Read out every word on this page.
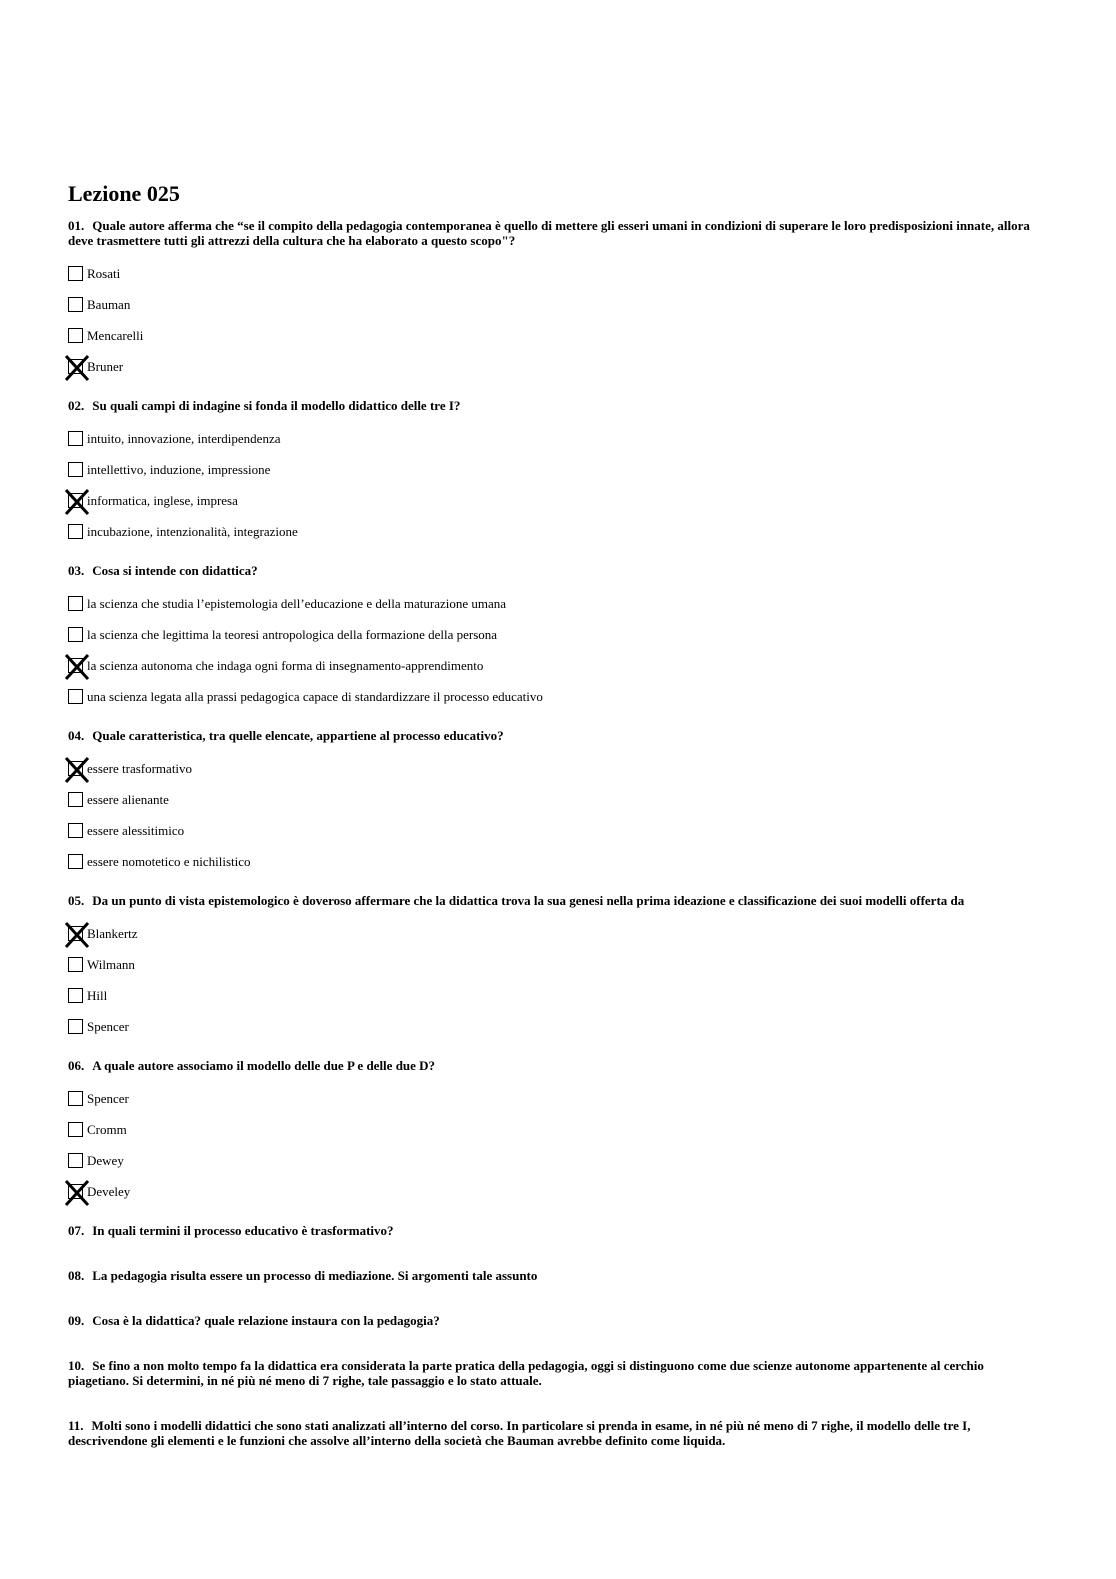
Lezione 025

01. Quale autore afferma che “se il compito della pedagogia contemporanea è quello di mettere gli esseri umani in condizioni di superare le loro predisposizioni innate, allora deve trasmettere tutti gli attrezzi della cultura che ha elaborato a questo scopo"?

Rosati
Bauman
Mencarelli
Bruner

02. Su quali campi di indagine si fonda il modello didattico delle tre I?

intuito, innovazione, interdipendenza
intellettivo, induzione, impressione
informatica, inglese, impresa
incubazione, intenzionalità, integrazione

03. Cosa si intende con didattica?

la scienza che studia l’epistemologia dell’educazione e della maturazione umana
la scienza che legittima la teoresi antropologica della formazione della persona
la scienza autonoma che indaga ogni forma di insegnamento-apprendimento
una scienza legata alla prassi pedagogica capace di standardizzare il processo educativo

04. Quale caratteristica, tra quelle elencate, appartiene al processo educativo?

essere trasformativo
essere alienante
essere alessitimico
essere nomotetico e nichilistico

05. Da un punto di vista epistemologico è doveroso affermare che la didattica trova la sua genesi nella prima ideazione e classificazione dei suoi modelli offerta da

Blankertz
Wilmann
Hill
Spencer

06. A quale autore associamo il modello delle due P e delle due D?

Spencer
Cromm
Dewey
Develey

07. In quali termini il processo educativo è trasformativo?

08. La pedagogia risulta essere un processo di mediazione. Si argomenti tale assunto

09. Cosa è la didattica? quale relazione instaura con la pedagogia?

10. Se fino a non molto tempo fa la didattica era considerata la parte pratica della pedagogia, oggi si distinguono come due scienze autonome appartenente al cerchio piagetiano. Si determini, in né più né meno di 7 righe, tale passaggio e lo stato attuale.

11. Molti sono i modelli didattici che sono stati analizzati all’interno del corso. In particolare si prenda in esame, in né più né meno di 7 righe, il modello delle tre I, descrivendone gli elementi e le funzioni che assolve all’interno della società che Bauman avrebbe definito come liquida.
